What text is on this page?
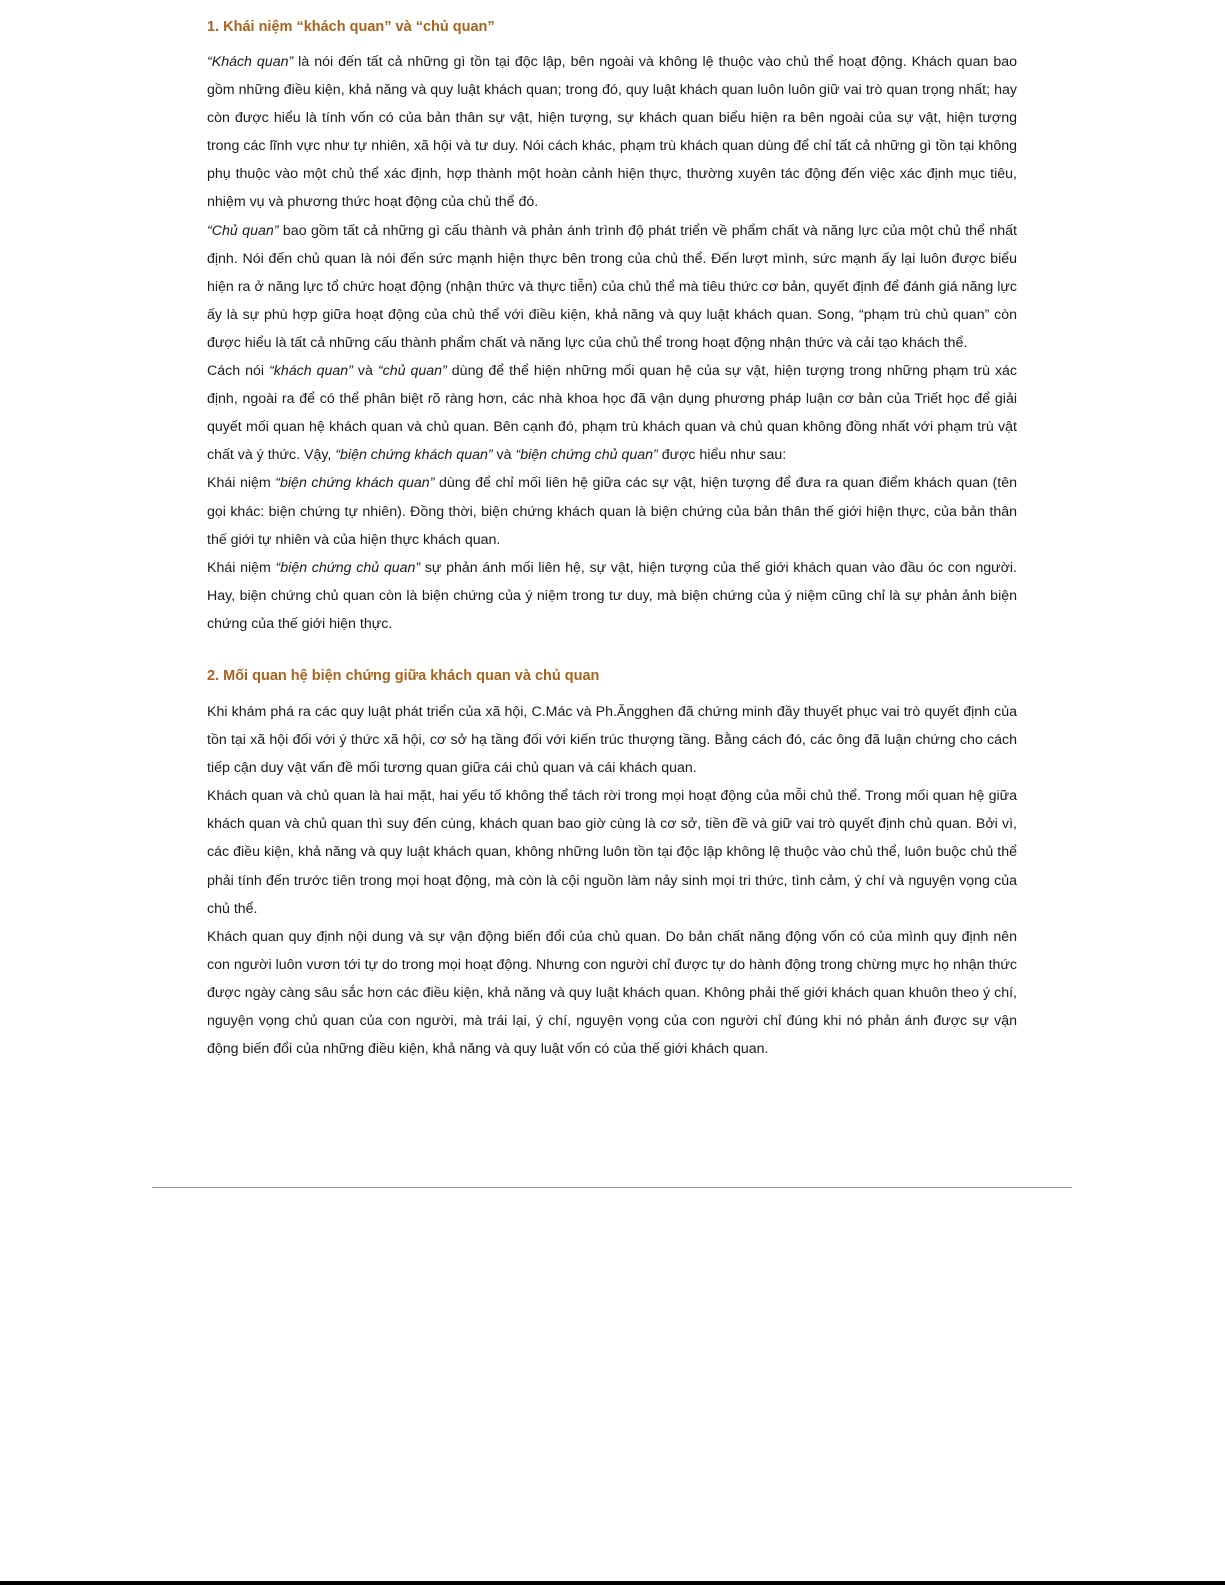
1. Khái niệm “khách quan” và “chủ quan”

“Khách quan” là nói đến tất cả những gì tồn tại độc lập, bên ngoài và không lệ thuộc vào chủ thể hoạt động. Khách quan bao gồm những điều kiện, khả năng và quy luật khách quan; trong đó, quy luật khách quan luôn luôn giữ vai trò quan trọng nhất; hay còn được hiểu là tính vốn có của bản thân sự vật, hiện tượng, sự khách quan biểu hiện ra bên ngoài của sự vật, hiện tượng trong các lĩnh vực như tự nhiên, xã hội và tư duy. Nói cách khác, phạm trù khách quan dùng để chỉ tất cả những gì tồn tại không phụ thuộc vào một chủ thể xác định, hợp thành một hoàn cảnh hiện thực, thường xuyên tác động đến việc xác định mục tiêu, nhiệm vụ và phương thức hoạt động của chủ thể đó.

“Chủ quan” bao gồm tất cả những gì cấu thành và phản ánh trình độ phát triển về phẩm chất và năng lực của một chủ thể nhất định. Nói đến chủ quan là nói đến sức mạnh hiện thực bên trong của chủ thể. Đến lượt mình, sức mạnh ấy lại luôn được biểu hiện ra ở năng lực tổ chức hoạt động (nhận thức và thực tiễn) của chủ thể mà tiêu thức cơ bản, quyết định để đánh giá năng lực ấy là sự phù hợp giữa hoạt động của chủ thể với điều kiện, khả năng và quy luật khách quan. Song, “phạm trù chủ quan” còn được hiểu là tất cả những cấu thành phẩm chất và năng lực của chủ thể trong hoạt động nhận thức và cải tạo khách thể.

Cách nói “khách quan” và “chủ quan” dùng để thể hiện những mối quan hệ của sự vật, hiện tượng trong những phạm trù xác định, ngoài ra để có thể phân biệt rõ ràng hơn, các nhà khoa học đã vận dụng phương pháp luận cơ bản của Triết học để giải quyết mối quan hệ khách quan và chủ quan. Bên cạnh đó, phạm trù khách quan và chủ quan không đồng nhất với phạm trù vật chất và ý thức. Vậy, “biện chứng khách quan” và “biện chứng chủ quan” được hiểu như sau:

Khái niệm “biện chứng khách quan” dùng để chỉ mối liên hệ giữa các sự vật, hiện tượng để đưa ra quan điểm khách quan (tên gọi khác: biện chứng tự nhiên). Đồng thời, biện chứng khách quan là biện chứng của bản thân thế giới hiện thực, của bản thân thế giới tự nhiên và của hiện thực khách quan.

Khái niệm “biện chứng chủ quan” sự phản ánh mối liên hệ, sự vật, hiện tượng của thế giới khách quan vào đầu óc con người. Hay, biện chứng chủ quan còn là biện chứng của ý niệm trong tư duy, mà biện chứng của ý niệm cũng chỉ là sự phản ảnh biện chứng của thế giới hiện thực.

2. Mối quan hệ biện chứng giữa khách quan và chủ quan

Khi khám phá ra các quy luật phát triển của xã hội, C.Mác và Ph.Ăngghen đã chứng minh đầy thuyết phục vai trò quyết định của tồn tại xã hội đối với ý thức xã hội, cơ sở hạ tầng đối với kiến trúc thượng tầng. Bằng cách đó, các ông đã luận chứng cho cách tiếp cận duy vật vấn đề mối tương quan giữa cái chủ quan và cái khách quan.

Khách quan và chủ quan là hai mặt, hai yếu tố không thể tách rời trong mọi hoạt động của mỗi chủ thể. Trong mối quan hệ giữa khách quan và chủ quan thì suy đến cùng, khách quan bao giờ cùng là cơ sở, tiền đề và giữ vai trò quyết định chủ quan. Bởi vì, các điều kiện, khả năng và quy luật khách quan, không những luôn tồn tại độc lập không lệ thuộc vào chủ thể, luôn buộc chủ thể phải tính đến trước tiên trong mọi hoạt động, mà còn là cội nguồn làm nảy sinh mọi tri thức, tình cảm, ý chí và nguyện vọng của chủ thể.

Khách quan quy định nội dung và sự vận động biến đổi của chủ quan. Do bản chất năng động vốn có của mình quy định nên con người luôn vươn tới tự do trong mọi hoạt động. Nhưng con người chỉ được tự do hành động trong chừng mực họ nhận thức được ngày càng sâu sắc hơn các điều kiện, khả năng và quy luật khách quan. Không phải thế giới khách quan khuôn theo ý chí, nguyện vọng chủ quan của con người, mà trái lại, ý chí, nguyện vọng của con người chỉ đúng khi nó phản ánh được sự vận động biến đổi của những điều kiện, khả năng và quy luật vốn có của thế giới khách quan.
